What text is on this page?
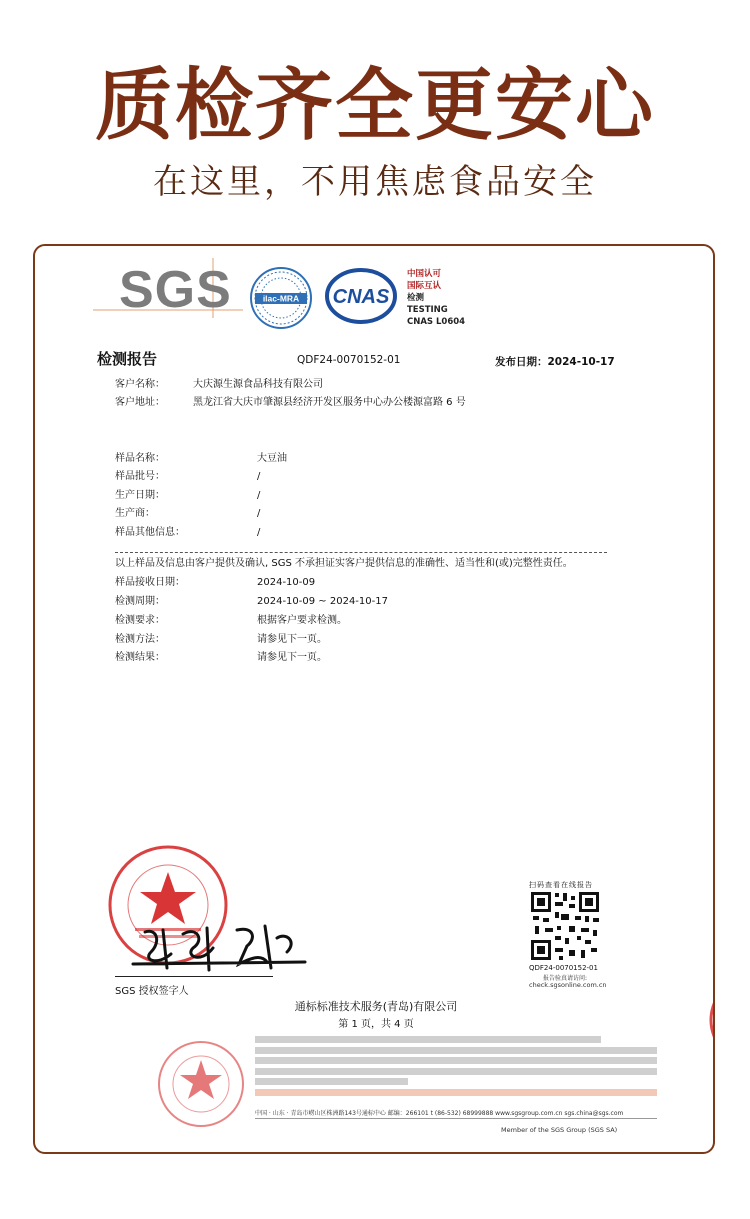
质检齐全更安心
在这里，不用焦虑食品安全
SGS	ilac-MRA CNAS
中国认可
国际互认
检测
TESTING
CNAS L0604
检测报告	QDF24-0070152-01	发布日期：2024-10-17
客户名称：	大庆源生源食品科技有限公司
客户地址：	黑龙江省大庆市肇源县经济开发区服务中心办公楼源富路 6 号
样品名称：	大豆油
样品批号：	/
生产日期：	/
生产商：	/
样品其他信息：	/
以上样品及信息由客户提供及确认, SGS 不承担证实客户提供信息的准确性、适当性和(或)完整性责任。
样品接收日期：	2024-10-09
检测周期：	2024-10-09 ~ 2024-10-17
检测要求：	根据客户要求检测。
检测方法：	请参见下一页。
检测结果：	请参见下一页。
SGS 授权签字人
扫码查看在线报告
QDF24-0070152-01
报告验真请访问:
check.sgsonline.com.cn
通标标准技术服务(青岛)有限公司
第 1 页，共 4 页
中国 · 山东 · 青岛市崂山区株洲路143号通标中心 邮编：266101 t (86-532) 68999888 www.sgsgroup.com.cn sgs.china@sgs.com
Member of the SGS Group (SGS SA)
